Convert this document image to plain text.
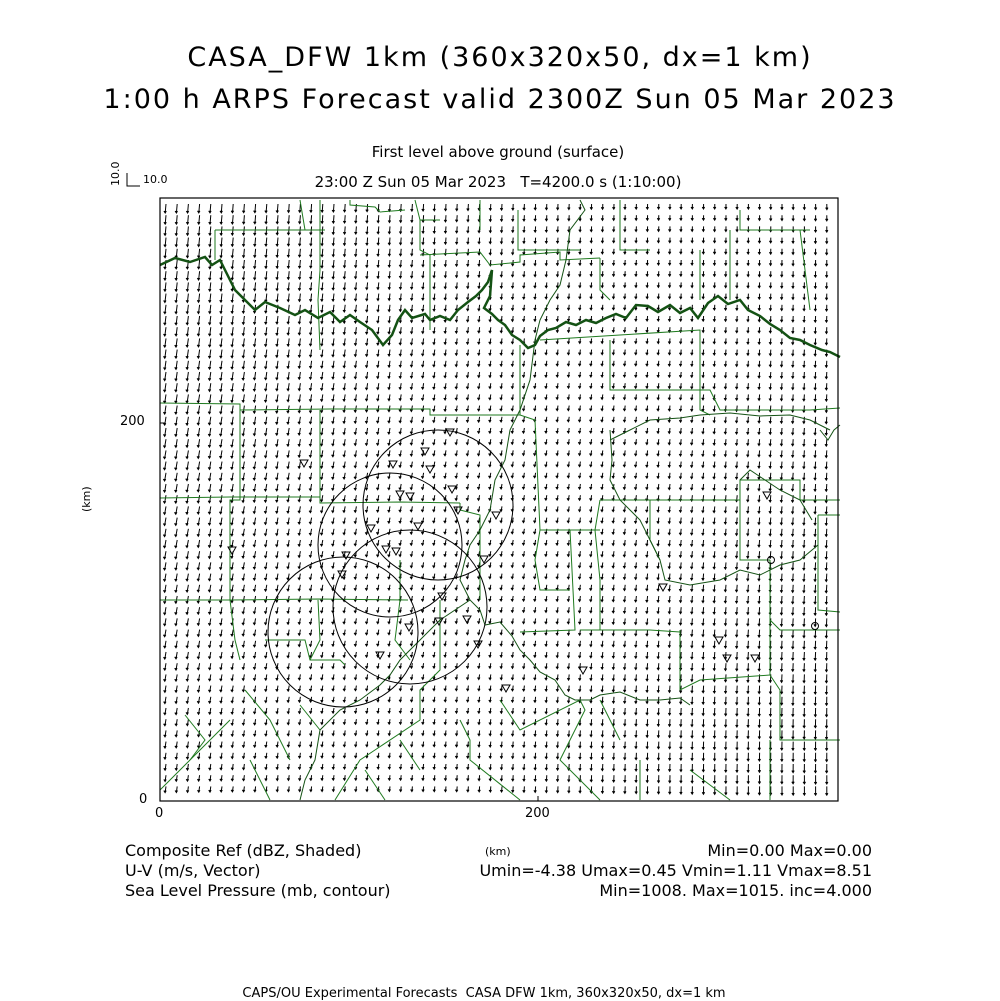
CASA_DFW 1km (360x320x50, dx=1 km)
1:00 h ARPS Forecast valid 2300Z Sun 05 Mar 2023
First level above ground (surface)
23:00 Z Sun 05 Mar 2023   T=4200.0 s (1:10:00)
10.0 10.0
200
0
0	200
(km)
(km)
Composite Ref (dBZ, Shaded)	Min=0.00 Max=0.00
U-V (m/s, Vector)	Umin=-4.38 Umax=0.45 Vmin=1.11 Vmax=8.51
Sea Level Pressure (mb, contour)	Min=1008. Max=1015. inc=4.000
CAPS/OU Experimental Forecasts  CASA DFW 1km, 360x320x50, dx=1 km
